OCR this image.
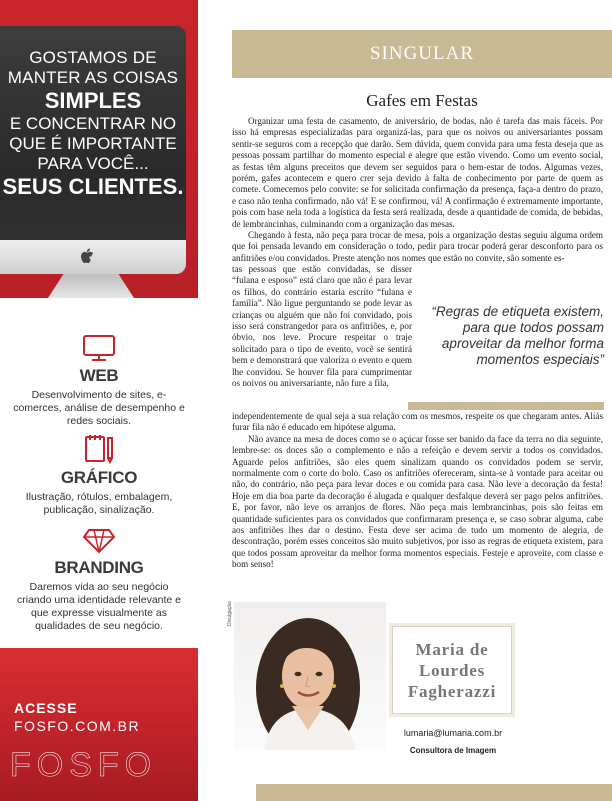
GOSTAMOS DE
MANTER AS COISAS
SIMPLES
E CONCENTRAR NO
QUE É IMPORTANTE
PARA VOCÊ...
SEUS CLIENTES.
WEB
Desenvolvimento de sites, e-comerces, análise de desempenho e redes sociais.
GRÁFICO
Ilustração, rótulos, embalagem, publicação, sinalização.
BRANDING
Daremos vida ao seu negócio criando uma identidade relevante e que expresse visualmente as qualidades de seu negócio.
ACESSE
FOSFO.COM.BR
FOSFO
SINGULAR
Gafes em Festas

Organizar uma festa de casamento, de aniversário, de bodas, não é tarefa das mais fáceis. Por isso há empresas especializadas para organizá-las, para que os noivos ou aniversariantes possam sentir-se seguros com a recepção que darão. Sem dúvida, quem convida para uma festa deseja que as pessoas possam partilhar do momento especial e alegre que estão vivendo. Como um evento social, as festas têm alguns preceitos que devem ser seguidos para o bem-estar de todos. Algumas vezes, porém, gafes acontecem e quero crer seja devido à falta de conhecimento por parte de quem as comete. Comecemos pelo convite: se for solicitada confirmação da presença, faça-a dentro do prazo, e caso não tenha confirmado, não vá! E se confirmou, vá! A confirmação é extremamente importante, pois com base nela toda a logística da festa será realizada, desde a quantidade de comida, de bebidas, de lembrancinhas, culminando com a organização das mesas.

Chegando à festa, não peça para trocar de mesa, pois a organização destas seguiu alguma ordem que foi pensada levando em consideração o todo, pedir para trocar poderá gerar desconforto para os anfitriões e/ou convidados. Preste atenção nos nomes que estão no convite, são somente es-

tas pessoas que estão convidadas, se disser “fulana e esposo” está claro que não é para levar os filhos, do contrário estaria escrito “fulana e família”. Não ligue perguntando se pode levar as crianças ou alguém que não foi convidado, pois isso será constrangedor para os anfitriões, e, por óbvio, nos leve. Procure respeitar o traje solicitado para o tipo de evento, você se sentirá bem e demonstrará que valoriza o evento e quem lhe convidou. Se houver fila para cumprimentar os noivos ou aniversariante, não fure a fila,

“Regras de etiqueta existem, para que todos possam aproveitar da melhor forma momentos especiais”

independentemente de qual seja a sua relação com os mesmos, respeite os que chegaram antes. Aliás furar fila não é educado em hipótese alguma.

Não avance na mesa de doces como se o açúcar fosse ser banido da face da terra no dia seguinte, lembre-se: os doces são o complemento e não a refeição e devem servir a todos os convidados. Aguarde pelos anfitriões, são eles quem sinalizam quando os convidados podem se servir, normalmente com o corte do bolo. Caso os anfitriões ofereceram, sinta-se à vontade para aceitar ou não, do contrário, não peça para levar doces e ou comida para casa. Não leve a decoração da festa! Hoje em dia boa parte da decoração é alugada e qualquer desfalque deverá ser pago pelos anfitriões. E, por favor, não leve os arranjos de flores. Não peça mais lembrancinhas, pois são feitas em quantidade suficientes para os convidados que confirmaram presença e, se caso sobrar alguma, cabe aos anfitriões lhes dar o destino. Festa deve ser acima de tudo um momento de alegria, de descontração, porém esses conceitos são muito subjetivos, por isso as regras de etiqueta existem, para que todos possam aproveitar da melhor forma momentos especiais. Festeje e aproveite, com classe e bom senso!

Divulgação
Maria de Lourdes Fagherazzi
lumaria@lumaria.com.br
Consultora de Imagem
